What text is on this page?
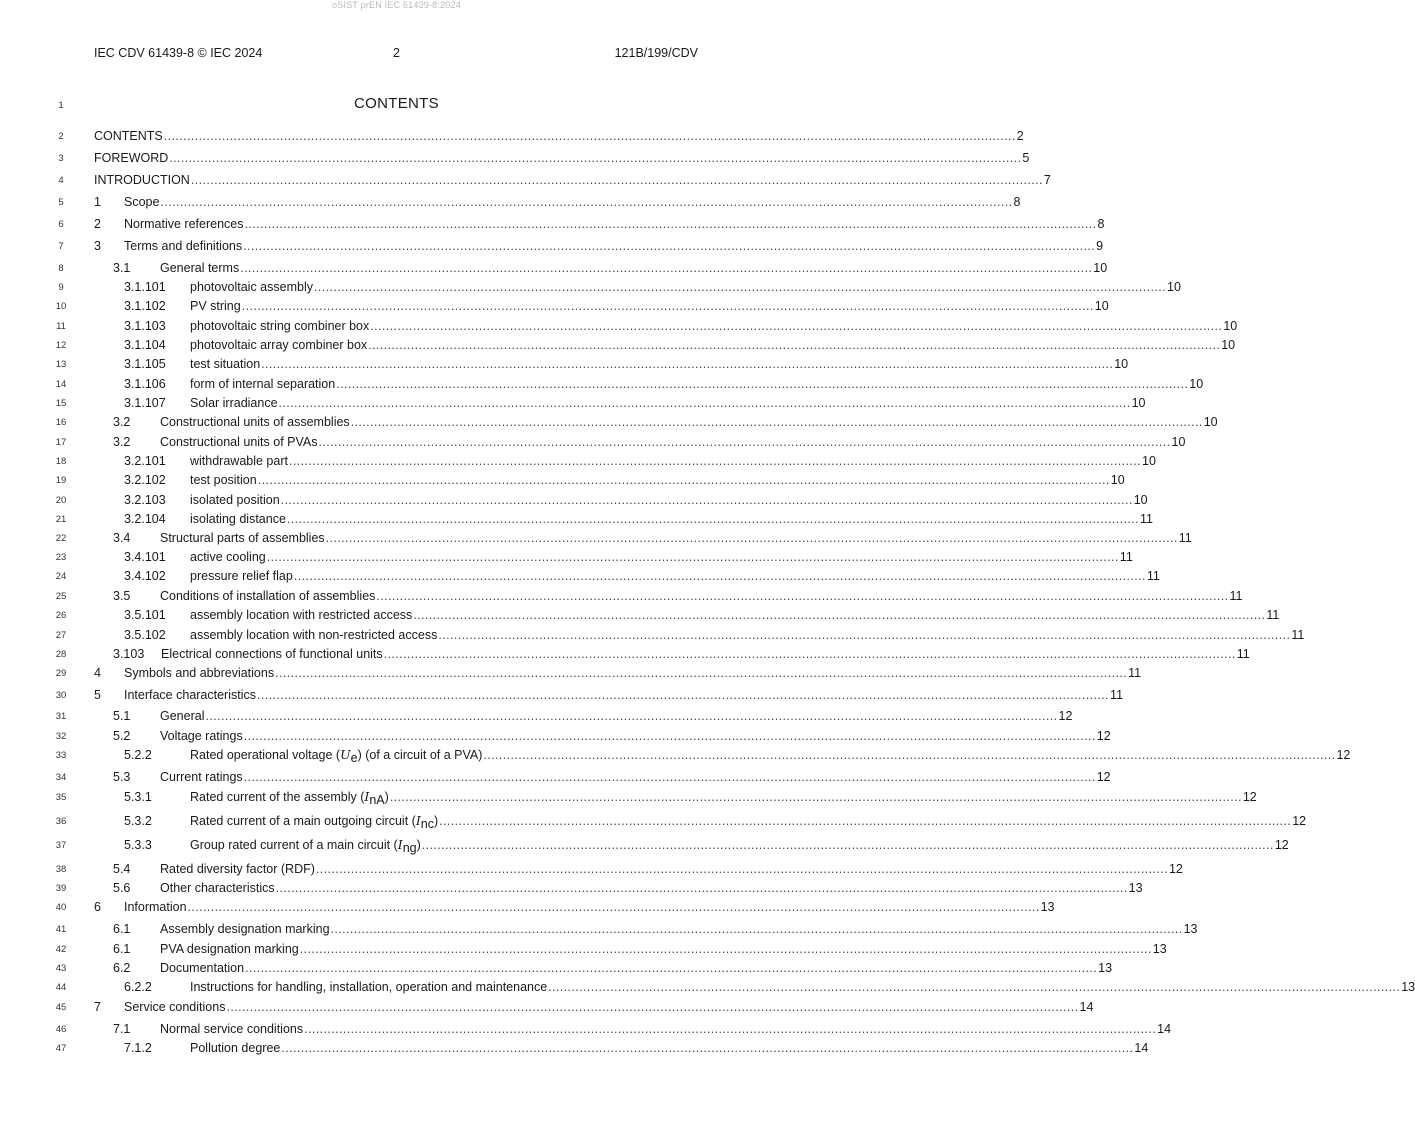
oSIST prEN IEC 61439-8:2024
IEC CDV 61439-8 © IEC 2024	2	121B/199/CDV
1	CONTENTS
2	CONTENTS ............................................................................................................................................................................................................................ 2
3	FOREWORD ............................................................................................................................................................................................................................ 5
4	INTRODUCTION ............................................................................................................................................................................................................................ 7
5	1	Scope ............................................................................................................................................................................................................................ 8
6	2	Normative references ............................................................................................................................................................................................................................ 8
7	3	Terms and definitions ............................................................................................................................................................................................................................ 9
8	3.1	General terms ............................................................................................................................................................................................................................ 10
9	3.1.101	photovoltaic assembly ............................................................................................................................................................................................................................ 10
10	3.1.102	PV string ............................................................................................................................................................................................................................ 10
11	3.1.103	photovoltaic string combiner box ............................................................................................................................................................................................................................ 10
12	3.1.104	photovoltaic array combiner box ............................................................................................................................................................................................................................ 10
13	3.1.105	test situation ............................................................................................................................................................................................................................ 10
14	3.1.106	form of internal separation ............................................................................................................................................................................................................................ 10
15	3.1.107	Solar irradiance ............................................................................................................................................................................................................................ 10
16	3.2	Constructional units of assemblies ............................................................................................................................................................................................................................ 10
17	3.2	Constructional units of PVAs ............................................................................................................................................................................................................................ 10
18	3.2.101	withdrawable part ............................................................................................................................................................................................................................ 10
19	3.2.102	test position ............................................................................................................................................................................................................................ 10
20	3.2.103	isolated position ............................................................................................................................................................................................................................ 10
21	3.2.104	isolating distance ............................................................................................................................................................................................................................ 11
22	3.4	Structural parts of assemblies ............................................................................................................................................................................................................................ 11
23	3.4.101	active cooling ............................................................................................................................................................................................................................ 11
24	3.4.102	pressure relief flap ............................................................................................................................................................................................................................ 11
25	3.5	Conditions of installation of assemblies ............................................................................................................................................................................................................................ 11
26	3.5.101	assembly location with restricted access ............................................................................................................................................................................................................................ 11
27	3.5.102	assembly location with non-restricted access ............................................................................................................................................................................................................................ 11
28	3.103	Electrical connections of functional units ............................................................................................................................................................................................................................ 11
29	4	Symbols and abbreviations ............................................................................................................................................................................................................................ 11
30	5	Interface characteristics ............................................................................................................................................................................................................................ 11
31	5.1	General ............................................................................................................................................................................................................................ 12
32	5.2	Voltage ratings ............................................................................................................................................................................................................................ 12
33	5.2.2	Rated operational voltage ( U e ) (of a circuit of a PVA) ............................................................................................................................................................................................................................ 12
34	5.3	Current ratings ............................................................................................................................................................................................................................ 12
35	5.3.1	Rated current of the assembly ( I nA ) ............................................................................................................................................................................................................................ 12
36	5.3.2	Rated current of a main outgoing circuit ( I nc ) ............................................................................................................................................................................................................................ 12
37	5.3.3	Group rated current of a main circuit ( I ng ) ............................................................................................................................................................................................................................ 12
38	5.4	Rated diversity factor (RDF) ............................................................................................................................................................................................................................ 12
39	5.6	Other characteristics ............................................................................................................................................................................................................................ 13
40	6	Information ............................................................................................................................................................................................................................ 13
41	6.1	Assembly designation marking ............................................................................................................................................................................................................................ 13
42	6.1	PVA designation marking ............................................................................................................................................................................................................................ 13
43	6.2	Documentation ............................................................................................................................................................................................................................ 13
44	6.2.2	Instructions for handling, installation, operation and maintenance ............................................................................................................................................................................................................................ 13
45	7	Service conditions ............................................................................................................................................................................................................................ 14
46	7.1	Normal service conditions ............................................................................................................................................................................................................................ 14
47	7.1.2	Pollution degree ............................................................................................................................................................................................................................ 14
